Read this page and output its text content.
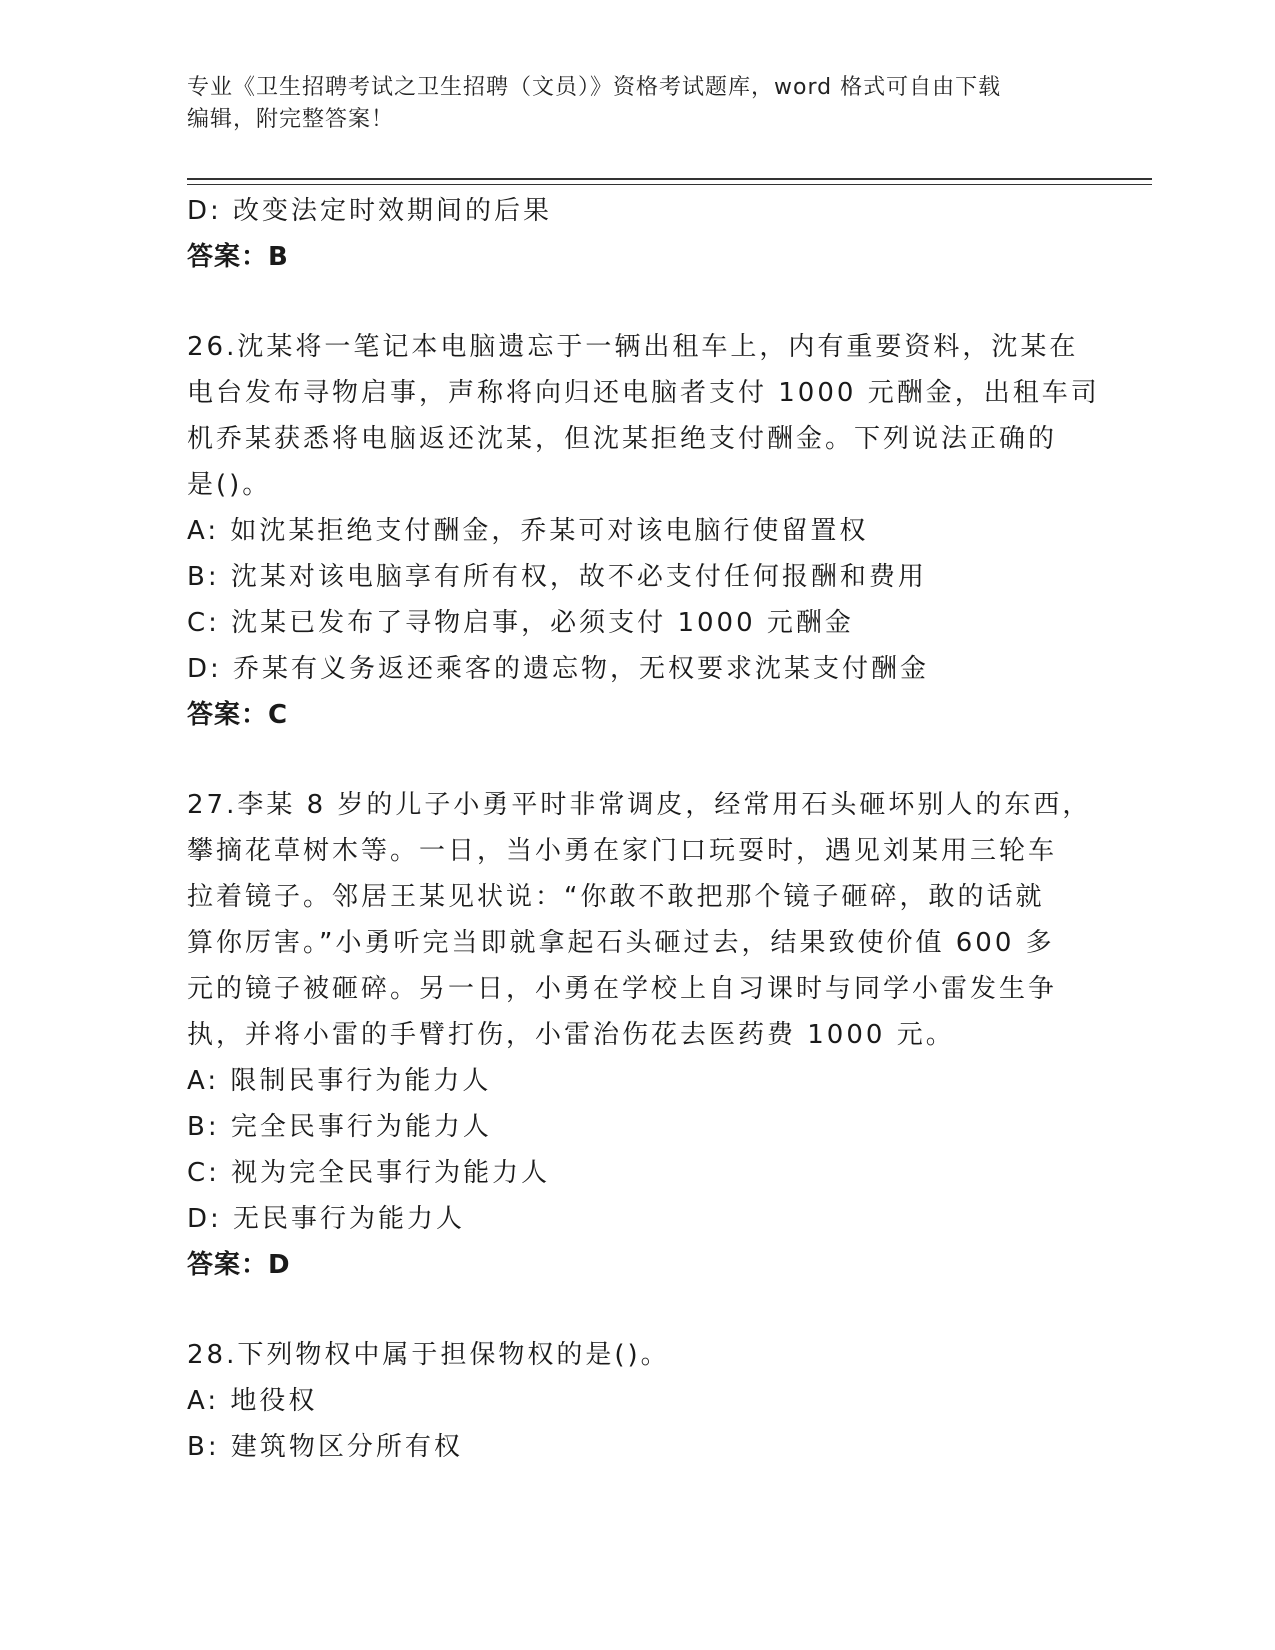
专业《卫生招聘考试之卫生招聘（文员）》资格考试题库，word 格式可自由下载
编辑，附完整答案！
D: 改变法定时效期间的后果
答案：B
26.沈某将一笔记本电脑遗忘于一辆出租车上，内有重要资料，沈某在
电台发布寻物启事，声称将向归还电脑者支付 1000 元酬金，出租车司
机乔某获悉将电脑返还沈某，但沈某拒绝支付酬金。下列说法正确的
是()。
A: 如沈某拒绝支付酬金，乔某可对该电脑行使留置权
B: 沈某对该电脑享有所有权，故不必支付任何报酬和费用
C: 沈某已发布了寻物启事，必须支付 1000 元酬金
D: 乔某有义务返还乘客的遗忘物，无权要求沈某支付酬金
答案：C
27.李某 8 岁的儿子小勇平时非常调皮，经常用石头砸坏别人的东西，
攀摘花草树木等。一日，当小勇在家门口玩耍时，遇见刘某用三轮车
拉着镜子。邻居王某见状说：“你敢不敢把那个镜子砸碎，敢的话就
算你厉害。”小勇听完当即就拿起石头砸过去，结果致使价值 600 多
元的镜子被砸碎。另一日，小勇在学校上自习课时与同学小雷发生争
执，并将小雷的手臂打伤，小雷治伤花去医药费 1000 元。
A: 限制民事行为能力人
B: 完全民事行为能力人
C: 视为完全民事行为能力人
D: 无民事行为能力人
答案：D
28.下列物权中属于担保物权的是()。
A: 地役权
B: 建筑物区分所有权
